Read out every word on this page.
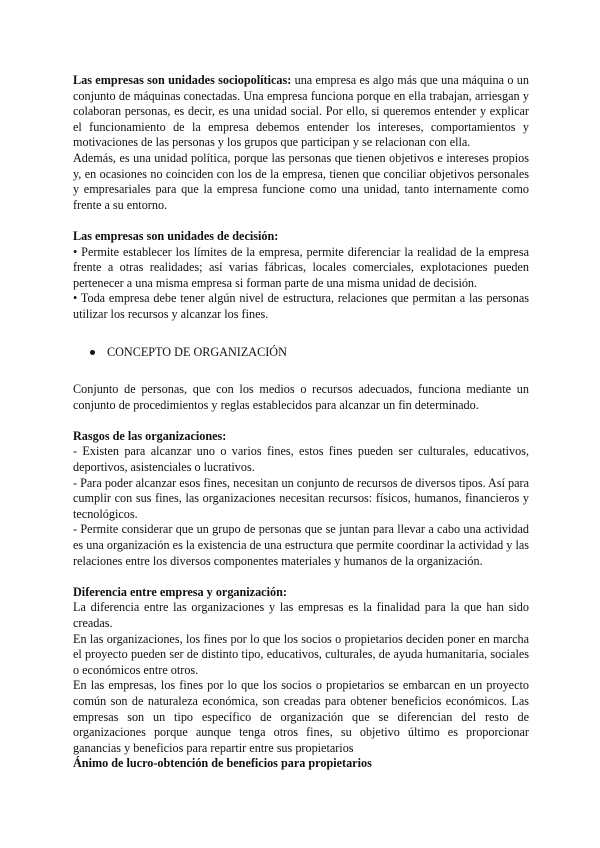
Las empresas son unidades sociopolíticas: una empresa es algo más que una máquina o un conjunto de máquinas conectadas. Una empresa funciona porque en ella trabajan, arriesgan y colaboran personas, es decir, es una unidad social. Por ello, si queremos entender y explicar el funcionamiento de la empresa debemos entender los intereses, comportamientos y motivaciones de las personas y los grupos que participan y se relacionan con ella.

Además, es una unidad política, porque las personas que tienen objetivos e intereses propios y, en ocasiones no coinciden con los de la empresa, tienen que conciliar objetivos personales y empresariales para que la empresa funcione como una unidad, tanto internamente como frente a su entorno.

Las empresas son unidades de decisión:

• Permite establecer los límites de la empresa, permite diferenciar la realidad de la empresa frente a otras realidades; así varias fábricas, locales comerciales, explotaciones pueden pertenecer a una misma empresa si forman parte de una misma unidad de decisión.

• Toda empresa debe tener algún nivel de estructura, relaciones que permitan a las personas utilizar los recursos y alcanzar los fines.

CONCEPTO DE ORGANIZACIÓN

Conjunto de personas, que con los medios o recursos adecuados, funciona mediante un conjunto de procedimientos y reglas establecidos para alcanzar un fin determinado.

Rasgos de las organizaciones:

- Existen para alcanzar uno o varios fines, estos fines pueden ser culturales, educativos, deportivos, asistenciales o lucrativos.

- Para poder alcanzar esos fines, necesitan un conjunto de recursos de diversos tipos. Así para cumplir con sus fines, las organizaciones necesitan recursos: físicos, humanos, financieros y tecnológicos.

- Permite considerar que un grupo de personas que se juntan para llevar a cabo una actividad es una organización es la existencia de una estructura que permite coordinar la actividad y las relaciones entre los diversos componentes materiales y humanos de la organización.

Diferencia entre empresa y organización:

La diferencia entre las organizaciones y las empresas es la finalidad para la que han sido creadas.

En las organizaciones, los fines por lo que los socios o propietarios deciden poner en marcha el proyecto pueden ser de distinto tipo, educativos, culturales, de ayuda humanitaria, sociales o económicos entre otros.

En las empresas, los fines por lo que los socios o propietarios se embarcan en un proyecto común son de naturaleza económica, son creadas para obtener beneficios económicos. Las empresas son un tipo específico de organización que se diferencian del resto de organizaciones porque aunque tenga otros fines, su objetivo último es proporcionar ganancias y beneficios para repartir entre sus propietarios

Ánimo de lucro-obtención de beneficios para propietarios
